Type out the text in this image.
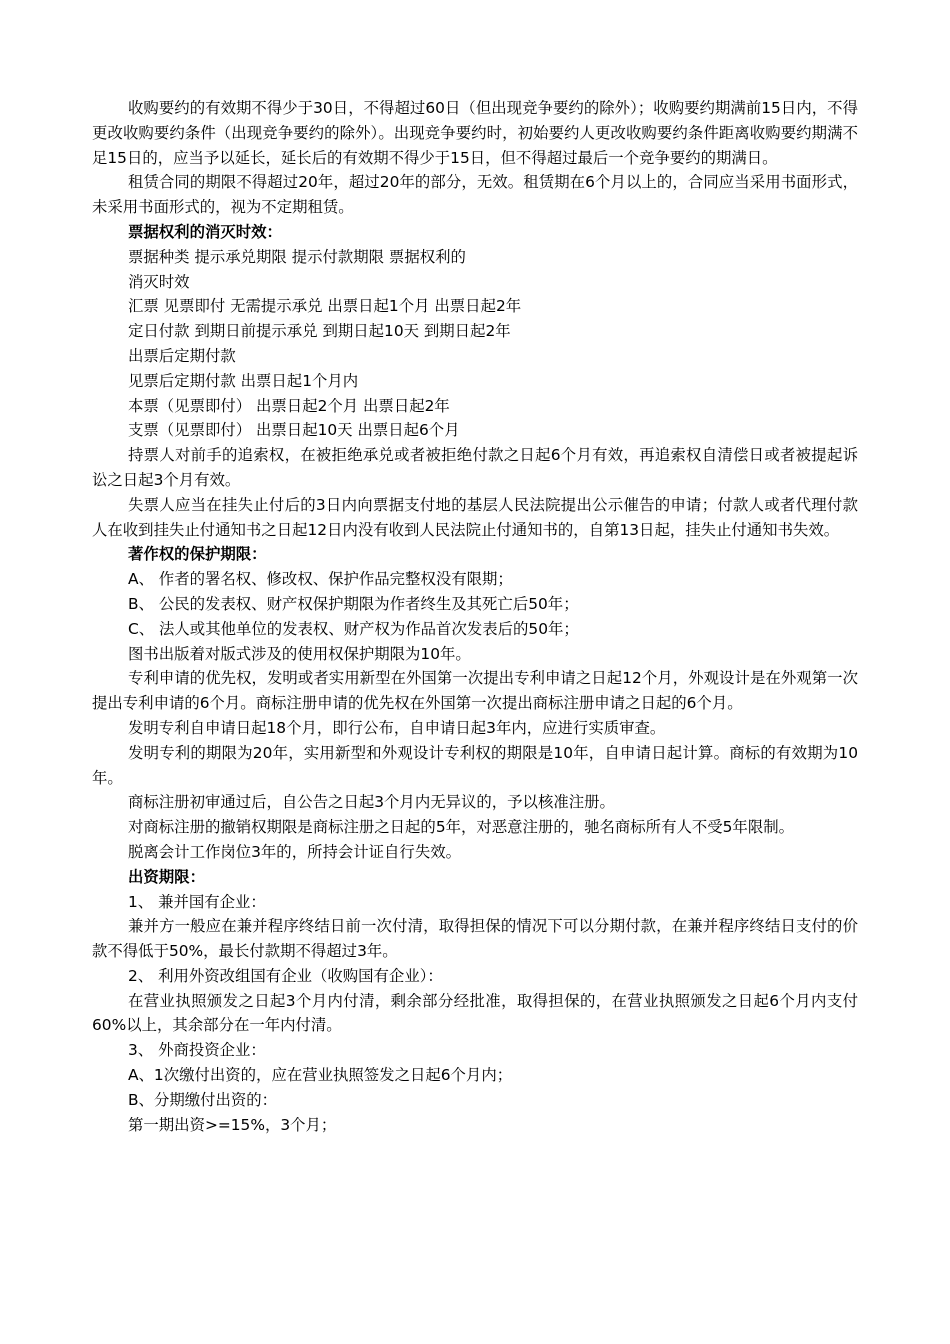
收购要约的有效期不得少于30日，不得超过60日（但出现竞争要约的除外）；收购要约期满前15日内，不得更改收购要约条件（出现竞争要约的除外）。出现竞争要约时，初始要约人更改收购要约条件距离收购要约期满不足15日的，应当予以延长，延长后的有效期不得少于15日，但不得超过最后一个竞争要约的期满日。

租赁合同的期限不得超过20年，超过20年的部分，无效。租赁期在6个月以上的，合同应当采用书面形式，未采用书面形式的，视为不定期租赁。

票据权利的消灭时效：

票据种类 提示承兑期限 提示付款期限 票据权利的

消灭时效

汇票 见票即付 无需提示承兑 出票日起1个月 出票日起2年

定日付款 到期日前提示承兑 到期日起10天 到期日起2年

出票后定期付款

见票后定期付款 出票日起1个月内

本票（见票即付） 出票日起2个月 出票日起2年

支票（见票即付） 出票日起10天 出票日起6个月

持票人对前手的追索权，在被拒绝承兑或者被拒绝付款之日起6个月有效，再追索权自清偿日或者被提起诉讼之日起3个月有效。

失票人应当在挂失止付后的3日内向票据支付地的基层人民法院提出公示催告的申请；付款人或者代理付款人在收到挂失止付通知书之日起12日内没有收到人民法院止付通知书的，自第13日起，挂失止付通知书失效。

著作权的保护期限：

A、 作者的署名权、修改权、保护作品完整权没有限期；

B、 公民的发表权、财产权保护期限为作者终生及其死亡后50年；

C、 法人或其他单位的发表权、财产权为作品首次发表后的50年；

图书出版着对版式涉及的使用权保护期限为10年。

专利申请的优先权，发明或者实用新型在外国第一次提出专利申请之日起12个月，外观设计是在外观第一次提出专利申请的6个月。商标注册申请的优先权在外国第一次提出商标注册申请之日起的6个月。

发明专利自申请日起18个月，即行公布，自申请日起3年内，应进行实质审查。

发明专利的期限为20年，实用新型和外观设计专利权的期限是10年，自申请日起计算。商标的有效期为10年。

商标注册初审通过后，自公告之日起3个月内无异议的，予以核准注册。

对商标注册的撤销权期限是商标注册之日起的5年，对恶意注册的，驰名商标所有人不受5年限制。

脱离会计工作岗位3年的，所持会计证自行失效。

出资期限：

1、 兼并国有企业：

兼并方一般应在兼并程序终结日前一次付清，取得担保的情况下可以分期付款，在兼并程序终结日支付的价款不得低于50%，最长付款期不得超过3年。

2、 利用外资改组国有企业（收购国有企业）：

在营业执照颁发之日起3个月内付清，剩余部分经批准，取得担保的，在营业执照颁发之日起6个月内支付60%以上，其余部分在一年内付清。

3、 外商投资企业：

A、1次缴付出资的，应在营业执照签发之日起6个月内；

B、分期缴付出资的：

第一期出资>=15%，3个月；
